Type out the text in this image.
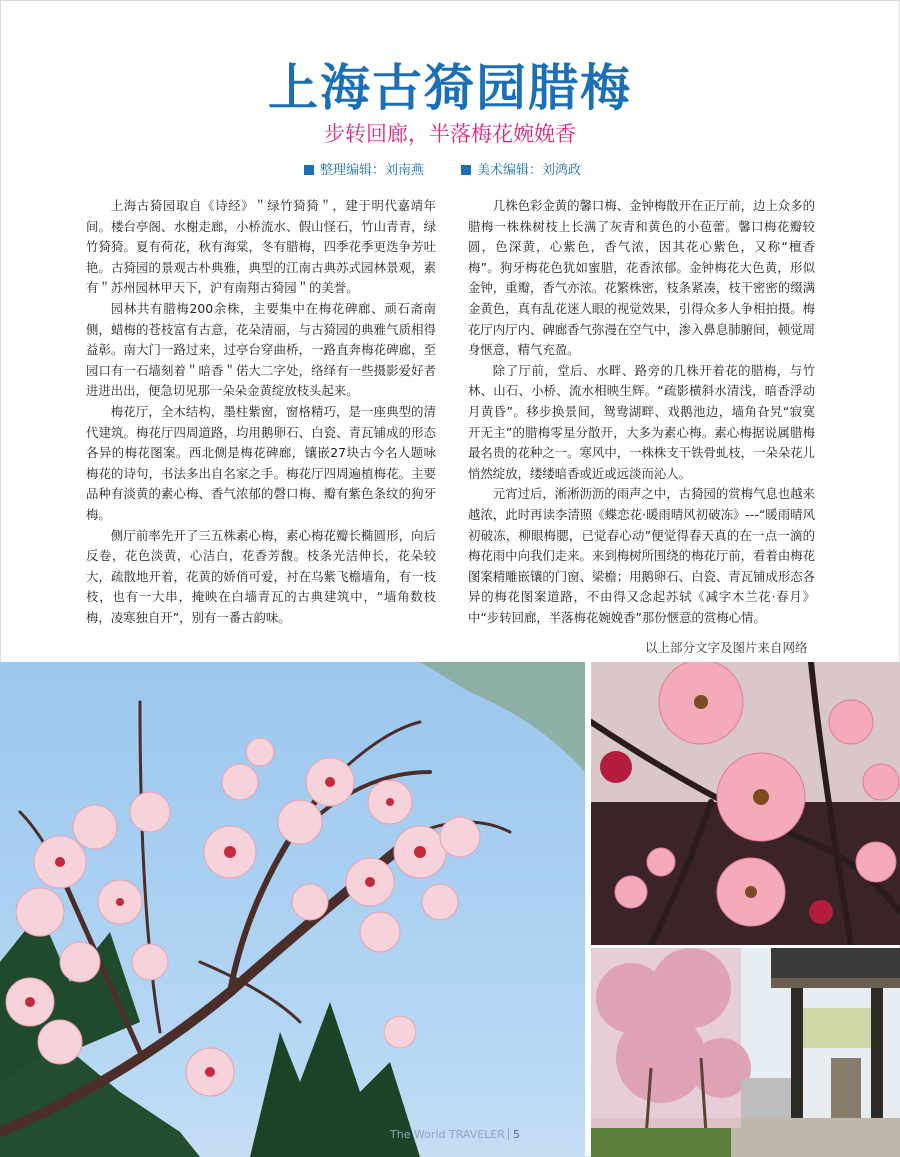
上海古猗园腊梅
步转回廊，半落梅花婉娩香
整理编辑：刘南燕	美术编辑：刘鸿政

上海古猗园取自《诗经》＂绿竹猗猗＂，建于明代嘉靖年间。楼台亭阁、水榭走廊，小桥流水、假山怪石，竹山青青，绿竹猗猗。夏有荷花，秋有海棠，冬有腊梅，四季花季更迭争芳吐艳。古猗园的景观古朴典雅，典型的江南古典苏式园林景观，素有＂苏州园林甲天下，沪有南翔古猗园＂的美誉。

园林共有腊梅200余株，主要集中在梅花碑廊、顽石斋南侧，蜡梅的苍枝富有古意，花朵清丽，与古猗园的典雅气质相得益彰。南大门一路过来，过亭台穿曲桥，一路直奔梅花碑廊，至园口有一石墙刻着＂暗香＂偌大二字处，络绎有一些摄影爱好者进进出出，便急切见那一朵朵金黄绽放枝头起来。

梅花厅，全木结构，墨柱紫窗，窗格精巧，是一座典型的清代建筑。梅花厅四周道路，均用鹅卵石、白瓷、青瓦铺成的形态各异的梅花图案。西北侧是梅花碑廊，镶嵌27块古今名人题咏梅花的诗句，书法多出自名家之手。梅花厅四周遍植梅花。主要品种有淡黄的素心梅、香气浓郁的磬口梅、瓣有紫色条纹的狗牙梅。

侧厅前率先开了三五株素心梅，素心梅花瓣长椭圆形，向后反卷，花色淡黄，心洁白，花香芳馥。枝条光洁伸长，花朵较大，疏散地开着，花黄的娇俏可爱，衬在乌紫飞檐墙角，有一枝枝，也有一大串，掩映在白墙青瓦的古典建筑中，“墙角数枝梅，凌寒独自开”，别有一番古韵味。

几株色彩金黄的馨口梅、金钟梅散开在正厅前，边上众多的腊梅一株株树枝上长满了灰青和黄色的小苞蕾。馨口梅花瓣较圆，色深黄，心紫色，香气浓，因其花心紫色，又称“檀香梅”。狗牙梅花色犹如蜜腊，花香浓郁。金钟梅花大色黄，形似金钟，重瓣，香气亦浓。花繁株密，枝条紧凑，枝干密密的缀满金黄色，真有乱花迷人眼的视觉效果，引得众多人争相拍摄。梅花厅内厅内、碑廊香气弥漫在空气中，渗入鼻息肺腑间，顿觉周身惬意，精气充盈。

除了厅前，堂后、水畔、路旁的几株开着花的腊梅，与竹林、山石、小桥、流水相映生辉。“疏影横斜水清浅，暗香浮动月黄昏”。移步换景间，鸳鸯湖畔、戏鹅池边，墙角旮旯“寂寞开无主”的腊梅零星分散开，大多为素心梅。素心梅据说属腊梅最名贵的花种之一。寒风中，一株株支干铁骨虬枝，一朵朵花儿悄然绽放，缕缕暗香或近或远淡而沁人。

元宵过后，淅淅沥沥的雨声之中，古猗园的赏梅气息也越来越浓，此时再读李清照《蝶恋花·暖雨晴风初破冻》---“暖雨晴风初破冻，柳眼梅腮，已觉春心动”便觉得春天真的在一点一滴的梅花雨中向我们走来。来到梅树所围绕的梅花厅前，看着由梅花图案精雕嵌镶的门窗、梁檐；用鹅卵石、白瓷、青瓦铺成形态各异的梅花图案道路，不由得又念起苏轼《减字木兰花·春月》中“步转回廊，半落梅花婉娩香”那份惬意的赏梅心情。

以上部分文字及图片来自网络
The World TRAVELER 5
